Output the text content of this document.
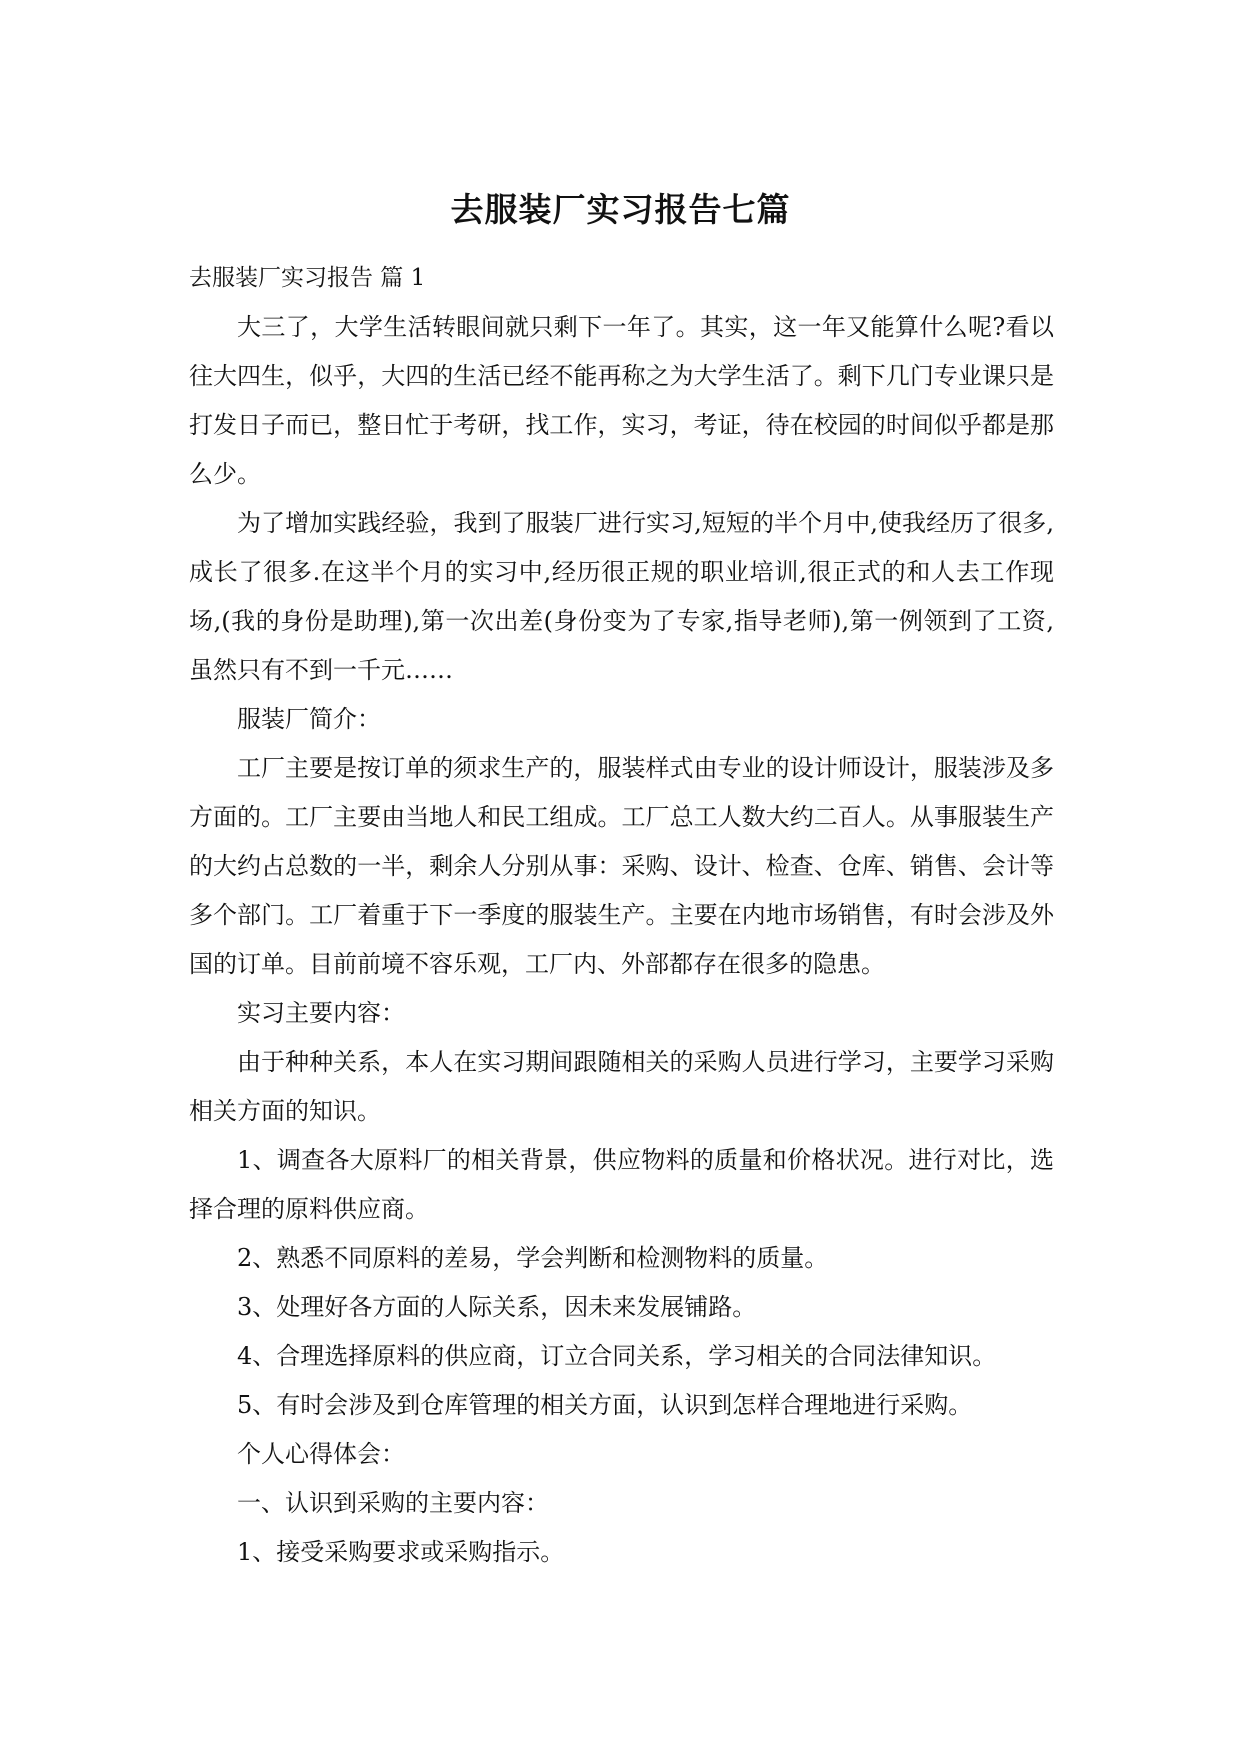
去服装厂实习报告七篇

去服装厂实习报告 篇 1

大三了，大学生活转眼间就只剩下一年了。其实，这一年又能算什么呢?看以往大四生，似乎，大四的生活已经不能再称之为大学生活了。剩下几门专业课只是打发日子而已，整日忙于考研，找工作，实习，考证，待在校园的时间似乎都是那么少。

为了增加实践经验，我到了服装厂进行实习,短短的半个月中,使我经历了很多,成长了很多.在这半个月的实习中,经历很正规的职业培训,很正式的和人去工作现场,(我的身份是助理),第一次出差(身份变为了专家,指导老师),第一例领到了工资,虽然只有不到一千元……

服装厂简介：

工厂主要是按订单的须求生产的，服装样式由专业的设计师设计，服装涉及多方面的。工厂主要由当地人和民工组成。工厂总工人数大约二百人。从事服装生产的大约占总数的一半，剩余人分别从事：采购、设计、检查、仓库、销售、会计等多个部门。工厂着重于下一季度的服装生产。主要在内地市场销售，有时会涉及外国的订单。目前前境不容乐观，工厂内、外部都存在很多的隐患。

实习主要内容：

由于种种关系，本人在实习期间跟随相关的采购人员进行学习，主要学习采购相关方面的知识。

1、调查各大原料厂的相关背景，供应物料的质量和价格状况。进行对比，选择合理的原料供应商。

2、熟悉不同原料的差易，学会判断和检测物料的质量。

3、处理好各方面的人际关系，因未来发展铺路。

4、合理选择原料的供应商，订立合同关系，学习相关的合同法律知识。

5、有时会涉及到仓库管理的相关方面，认识到怎样合理地进行采购。

个人心得体会：

一、认识到采购的主要内容：

1、接受采购要求或采购指示。
